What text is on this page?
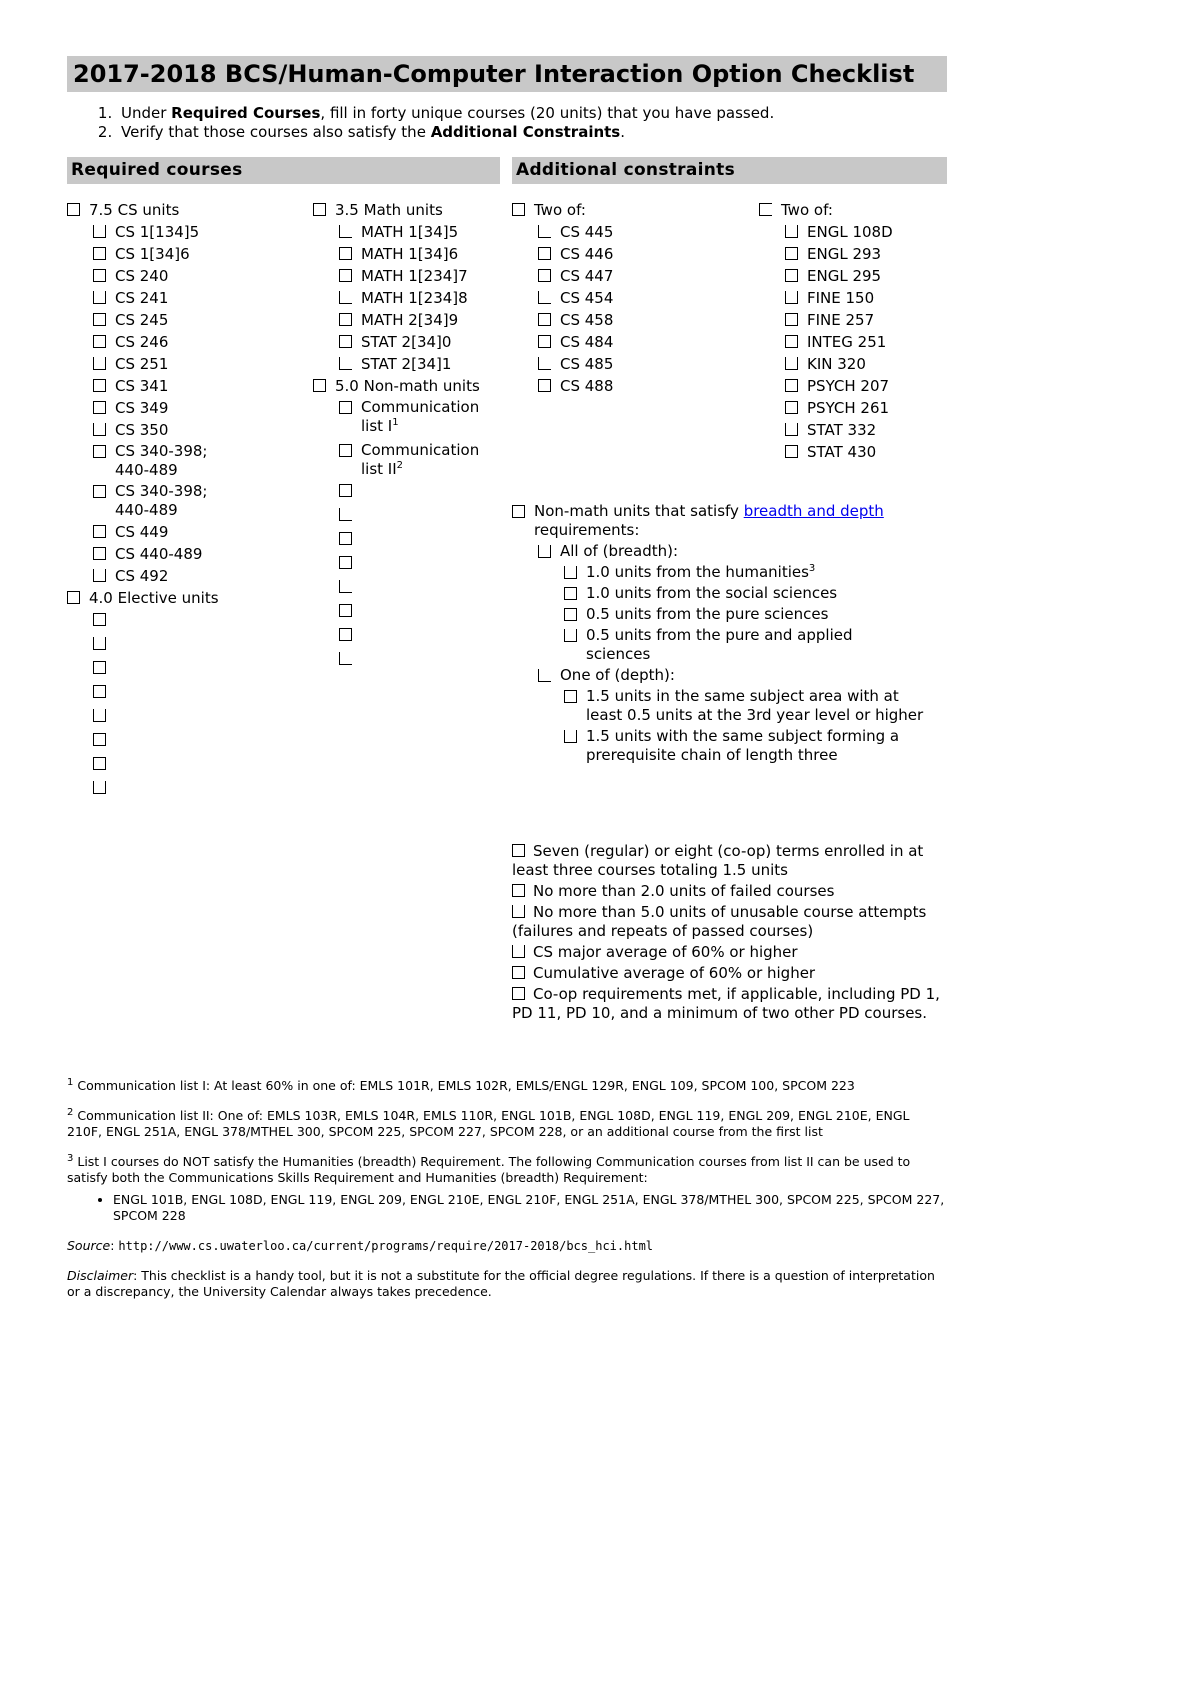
2017-2018 BCS/Human-Computer Interaction Option Checklist
1. Under Required Courses, fill in forty unique courses (20 units) that you have passed.
2. Verify that those courses also satisfy the Additional Constraints.
Required courses
7.5 CS units
CS 1[134]5
CS 1[34]6
CS 240
CS 241
CS 245
CS 246
CS 251
CS 341
CS 349
CS 350
CS 340-398; 440-489
CS 340-398; 440-489
CS 449
CS 440-489
CS 492
4.0 Elective units
3.5 Math units
MATH 1[34]5
MATH 1[34]6
MATH 1[234]7
MATH 1[234]8
MATH 2[34]9
STAT 2[34]0
STAT 2[34]1
5.0 Non-math units
Communication list $I^1$
Communication list $II^2$
Additional constraints
Two of:
CS 445
CS 446
CS 447
CS 454
CS 458
CS 484
CS 485
CS 488
Two of:
ENGL 108D
ENGL 293
ENGL 295
FINE 150
FINE 257
INTEG 251
KIN 320
PSYCH 207
PSYCH 261
STAT 332
STAT 430
Non-math units that satisfy breadth and depth requirements:
All of (breadth):
1.0 units from the humanities$^3$
1.0 units from the social sciences
0.5 units from the pure sciences
0.5 units from the pure and applied sciences
One of (depth):
1.5 units in the same subject area with at least 0.5 units at the 3rd year level or higher
1.5 units with the same subject forming a prerequisite chain of length three
Seven (regular) or eight (co-op) terms enrolled in at least three courses totaling 1.5 units
No more than 2.0 units of failed courses
No more than 5.0 units of unusable course attempts (failures and repeats of passed courses)
CS major average of 60% or higher
Cumulative average of 60% or higher
Co-op requirements met, if applicable, including PD 1, PD 11, PD 10, and a minimum of two other PD courses.

$^1$ Communication list I: At least 60% in one of: EMLS 101R, EMLS 102R, EMLS/ENGL 129R, ENGL 109, SPCOM 100, SPCOM 223

$^2$ Communication list II: One of: EMLS 103R, EMLS 104R, EMLS 110R, ENGL 101B, ENGL 108D, ENGL 119, ENGL 209, ENGL 210E, ENGL 210F, ENGL 251A, ENGL 378/MTHEL 300, SPCOM 225, SPCOM 227, SPCOM 228, or an additional course from the first list

$^3$ List I courses do NOT satisfy the Humanities (breadth) Requirement. The following Communication courses from list II can be used to satisfy both the Communications Skills Requirement and Humanities (breadth) Requirement:
• ENGL 101B, ENGL 108D, ENGL 119, ENGL 209, ENGL 210E, ENGL 210F, ENGL 251A, ENGL 378/MTHEL 300, SPCOM 225, SPCOM 227, SPCOM 228

Source: http://www.cs.uwaterloo.ca/current/programs/require/2017-2018/bcs_hci.html

Disclaimer: This checklist is a handy tool, but it is not a substitute for the official degree regulations. If there is a question of interpretation or a discrepancy, the University Calendar always takes precedence.
